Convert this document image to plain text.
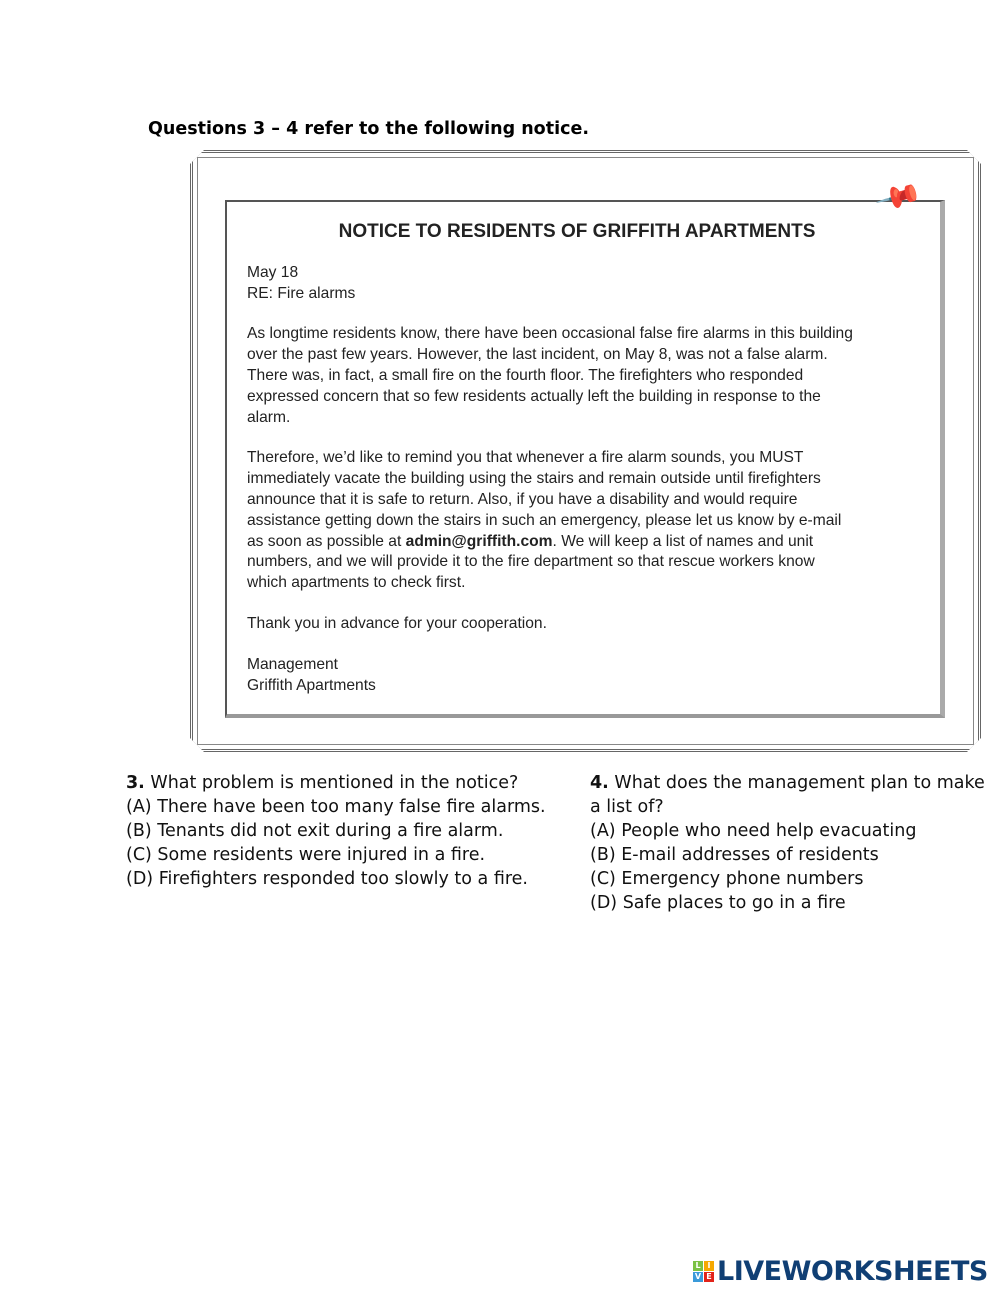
Questions 3 – 4 refer to the following notice.
📌
NOTICE TO RESIDENTS OF GRIFFITH APARTMENTS

May 18
RE: Fire alarms

As longtime residents know, there have been occasional false fire alarms in this building
over the past few years. However, the last incident, on May 8, was not a false alarm.
There was, in fact, a small fire on the fourth floor. The firefighters who responded
expressed concern that so few residents actually left the building in response to the
alarm.

Therefore, we’d like to remind you that whenever a fire alarm sounds, you MUST
immediately vacate the building using the stairs and remain outside until firefighters
announce that it is safe to return. Also, if you have a disability and would require
assistance getting down the stairs in such an emergency, please let us know by e-mail
as soon as possible at admin@griffith.com. We will keep a list of names and unit
numbers, and we will provide it to the fire department so that rescue workers know
which apartments to check first.

Thank you in advance for your cooperation.

Management
Griffith Apartments

3. What problem is mentioned in the notice?
(A) There have been too many false fire alarms.
(B) Tenants did not exit during a fire alarm.
(C) Some residents were injured in a fire.
(D) Firefighters responded too slowly to a fire.
4. What does the management plan to make
a list of?
(A) People who need help evacuating
(B) E-mail addresses of residents
(C) Emergency phone numbers
(D) Safe places to go in a fire
L I
V E LIVEWORKSHEETS
